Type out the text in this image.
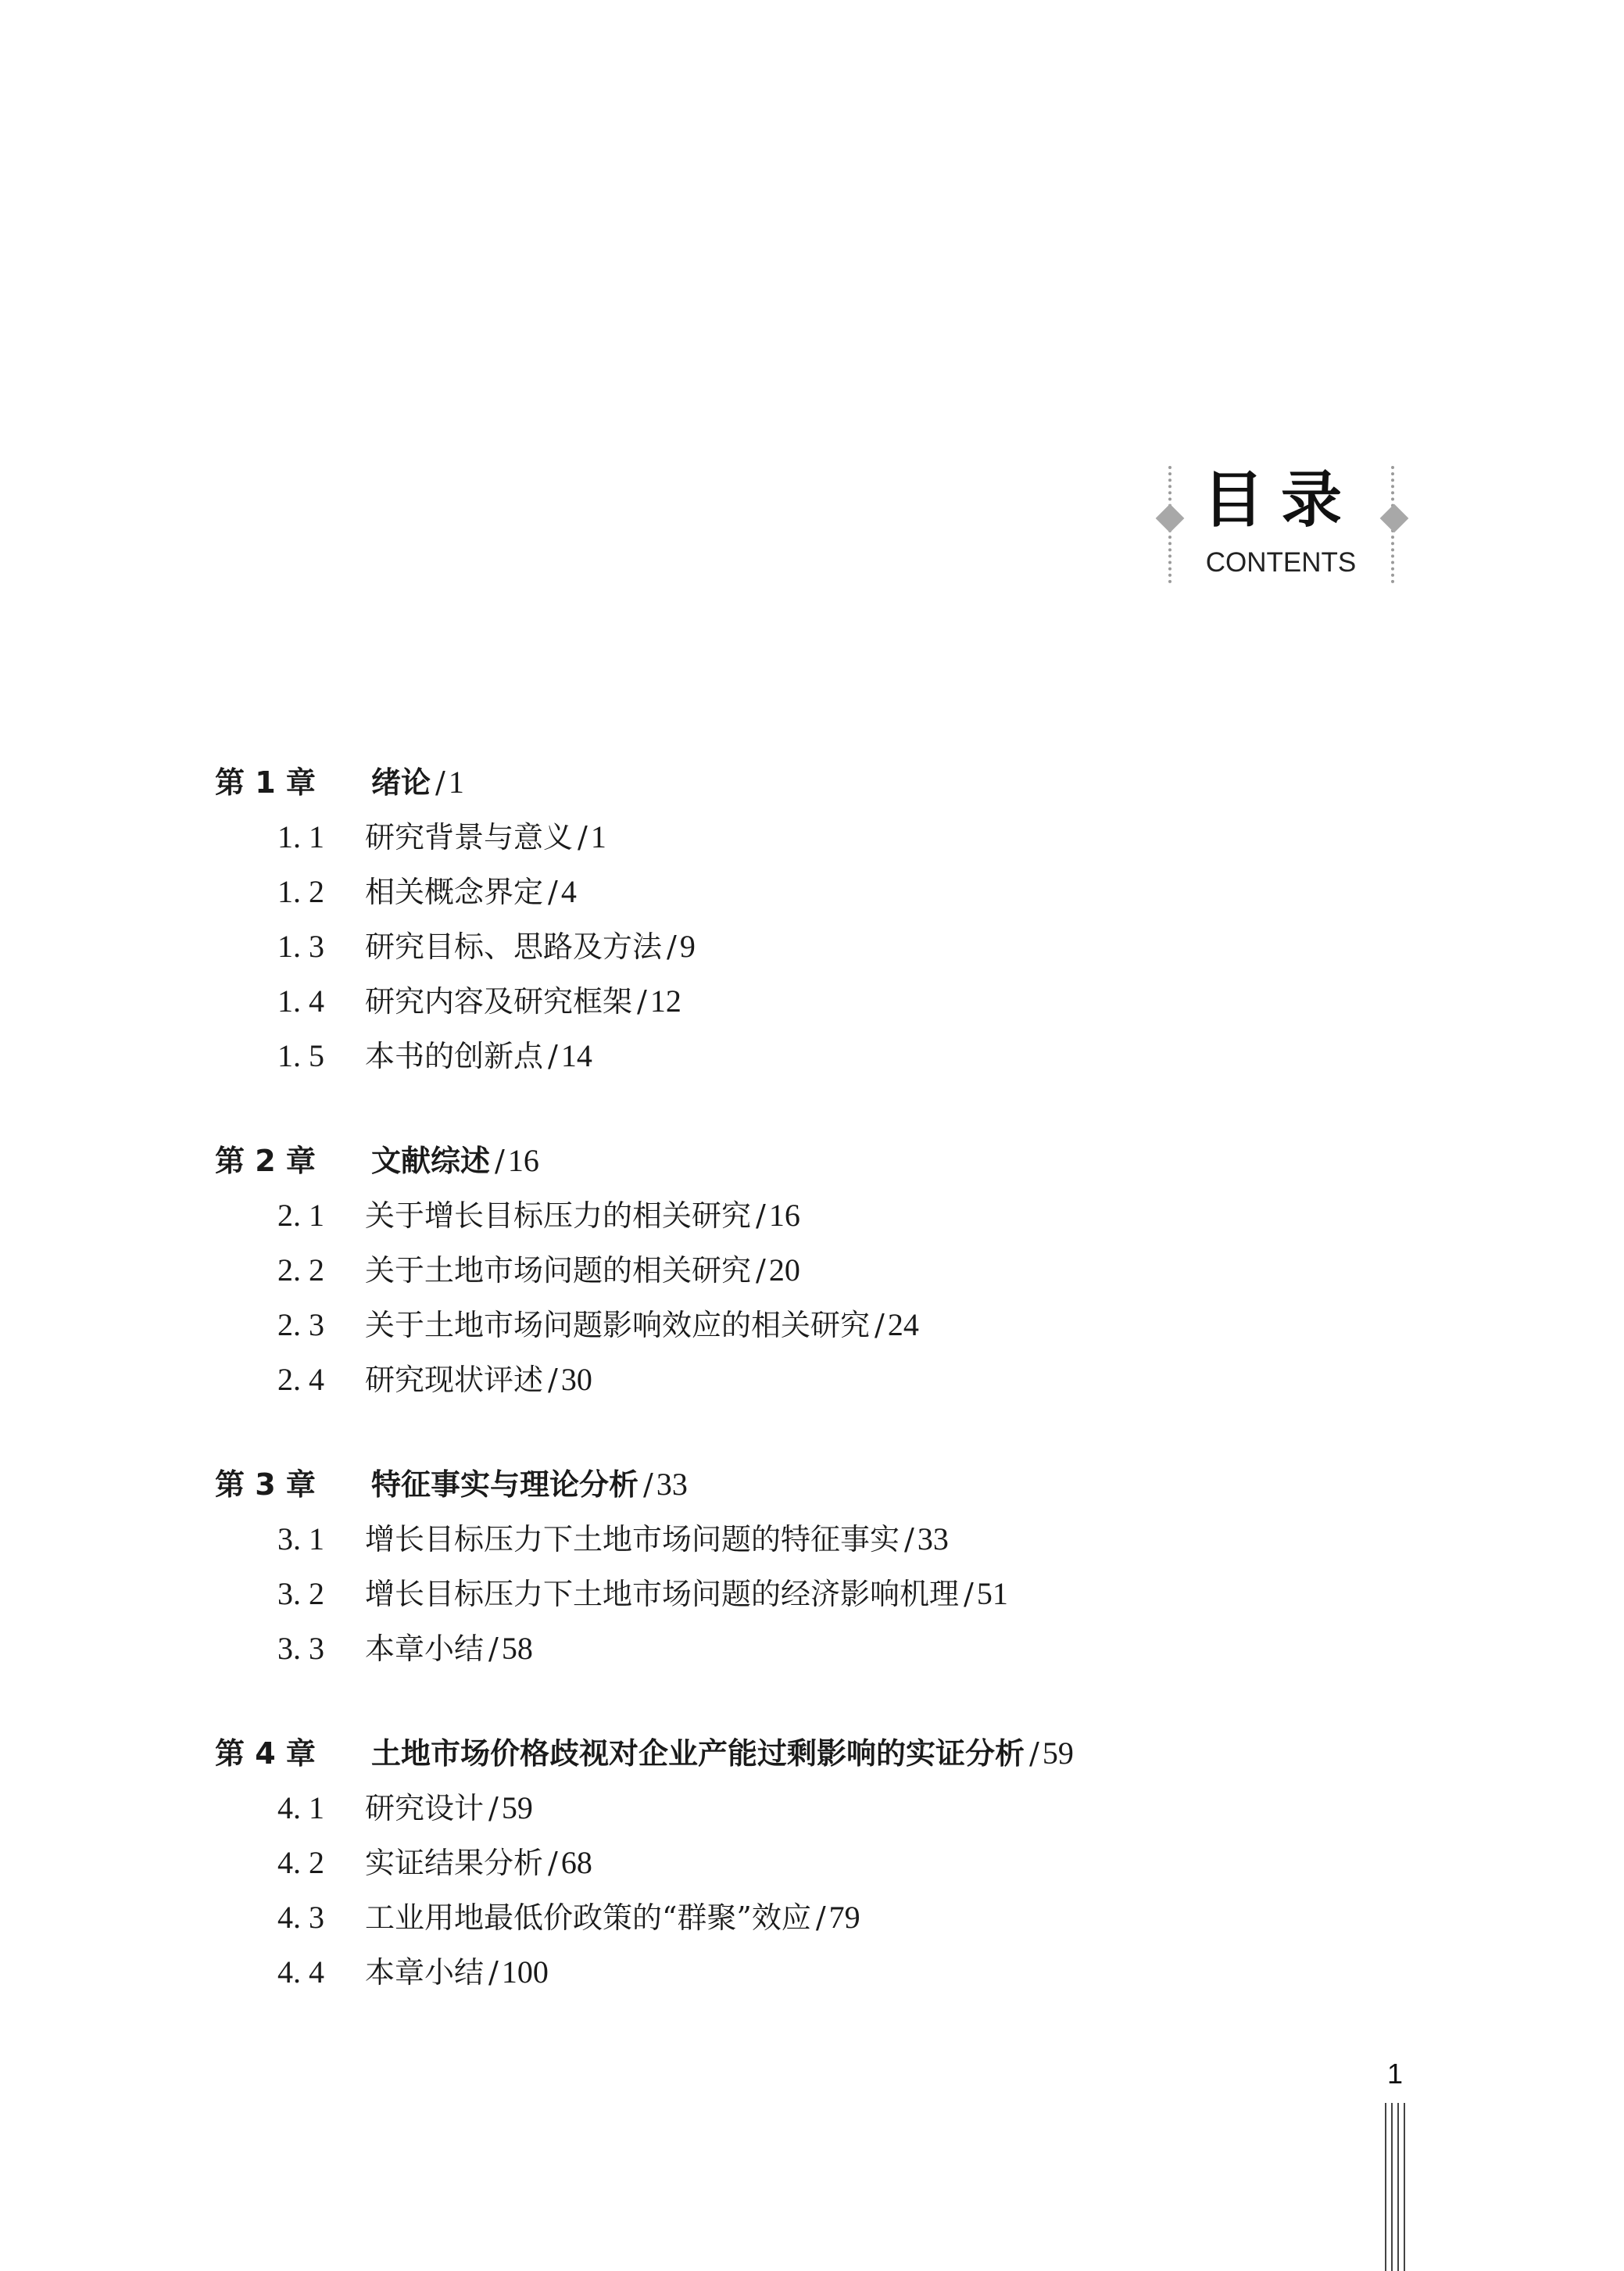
目录
CONTENTS
第 1 章 绪论 / 1
1. 1 研究背景与意义 / 1
1. 2 相关概念界定 / 4
1. 3 研究目标、思路及方法 / 9
1. 4 研究内容及研究框架 / 12
1. 5 本书的创新点 / 14
第 2 章 文献综述 / 16
2. 1 关于增长目标压力的相关研究 / 16
2. 2 关于土地市场问题的相关研究 / 20
2. 3 关于土地市场问题影响效应的相关研究 / 24
2. 4 研究现状评述 / 30
第 3 章 特征事实与理论分析 / 33
3. 1 增长目标压力下土地市场问题的特征事实 / 33
3. 2 增长目标压力下土地市场问题的经济影响机理 / 51
3. 3 本章小结 / 58
第 4 章 土地市场价格歧视对企业产能过剩影响的实证分析 / 59
4. 1 研究设计 / 59
4. 2 实证结果分析 / 68
4. 3 工业用地最低价政策的“群聚”效应 / 79
4. 4 本章小结 / 100
1
